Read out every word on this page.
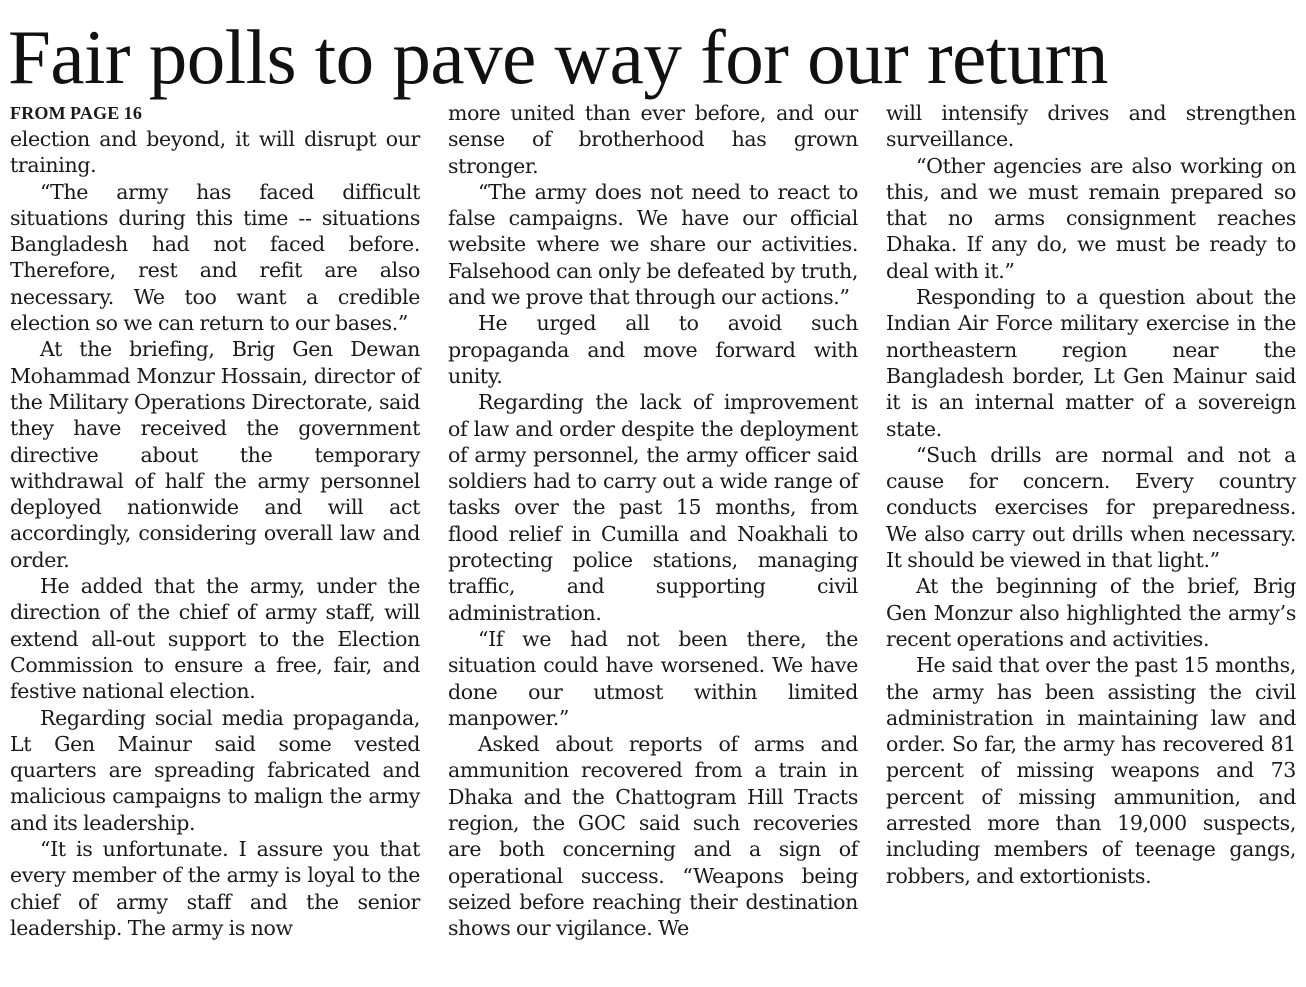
Fair polls to pave way for our return
FROM PAGE 16

election and beyond, it will disrupt our training.

“The army has faced difficult situations during this time -- situations Bangladesh had not faced before. Therefore, rest and refit are also necessary. We too want a credible election so we can return to our bases.”

At the briefing, Brig Gen Dewan Mohammad Monzur Hossain, director of the Military Operations Directorate, said they have received the government directive about the temporary withdrawal of half the army personnel deployed nationwide and will act accordingly, considering overall law and order.

He added that the army, under the direction of the chief of army staff, will extend all-out support to the Election Commission to ensure a free, fair, and festive national election.

Regarding social media propaganda, Lt Gen Mainur said some vested quarters are spreading fabricated and malicious campaigns to malign the army and its leadership.

“It is unfortunate. I assure you that every member of the army is loyal to the chief of army staff and the senior leadership. The army is now

more united than ever before, and our sense of brotherhood has grown stronger.

“The army does not need to react to false campaigns. We have our official website where we share our activities. Falsehood can only be defeated by truth, and we prove that through our actions.”

He urged all to avoid such propaganda and move forward with unity.

Regarding the lack of improvement of law and order despite the deployment of army personnel, the army officer said soldiers had to carry out a wide range of tasks over the past 15 months, from flood relief in Cumilla and Noakhali to protecting police stations, managing traffic, and supporting civil administration.

“If we had not been there, the situation could have worsened. We have done our utmost within limited manpower.”

Asked about reports of arms and ammunition recovered from a train in Dhaka and the Chattogram Hill Tracts region, the GOC said such recoveries are both concerning and a sign of operational success. “Weapons being seized before reaching their destination shows our vigilance. We

will intensify drives and strengthen surveillance.

“Other agencies are also working on this, and we must remain prepared so that no arms consignment reaches Dhaka. If any do, we must be ready to deal with it.”

Responding to a question about the Indian Air Force military exercise in the northeastern region near the Bangladesh border, Lt Gen Mainur said it is an internal matter of a sovereign state.

“Such drills are normal and not a cause for concern. Every country conducts exercises for preparedness. We also carry out drills when necessary. It should be viewed in that light.”

At the beginning of the brief, Brig Gen Monzur also highlighted the army’s recent operations and activities.

He said that over the past 15 months, the army has been assisting the civil administration in maintaining law and order. So far, the army has recovered 81 percent of missing weapons and 73 percent of missing ammunition, and arrested more than 19,000 suspects, including members of teenage gangs, robbers, and extortionists.
